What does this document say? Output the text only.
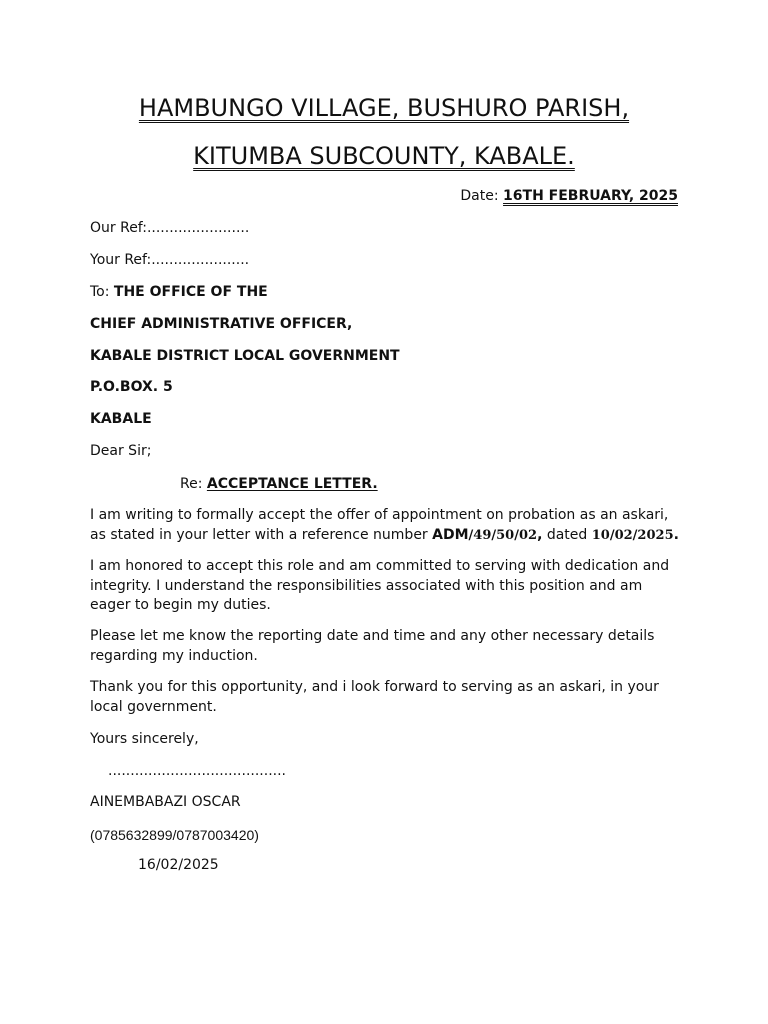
HAMBUNGO VILLAGE, BUSHURO PARISH,
KITUMBA SUBCOUNTY, KABALE.
Date: 16TH FEBRUARY, 2025
Our Ref:.......................
Your Ref:......................
To: THE OFFICE OF THE
CHIEF ADMINISTRATIVE OFFICER,
KABALE DISTRICT LOCAL GOVERNMENT
P.O.BOX. 5
KABALE
Dear Sir;
Re: ACCEPTANCE LETTER.
I am writing to formally accept the offer of appointment on probation as an askari, as stated in your letter with a reference number ADM/49/50/02, dated 10/02/2025.
I am honored to accept this role and am committed to serving with dedication and integrity. I understand the responsibilities associated with this position and am eager to begin my duties.
Please let me know the reporting date and time and any other necessary details regarding my induction.
Thank you for this opportunity, and i look forward to serving as an askari, in your local government.
Yours sincerely,
........................................
AINEMBABAZI OSCAR
(0785632899/0787003420)
16/02/2025
